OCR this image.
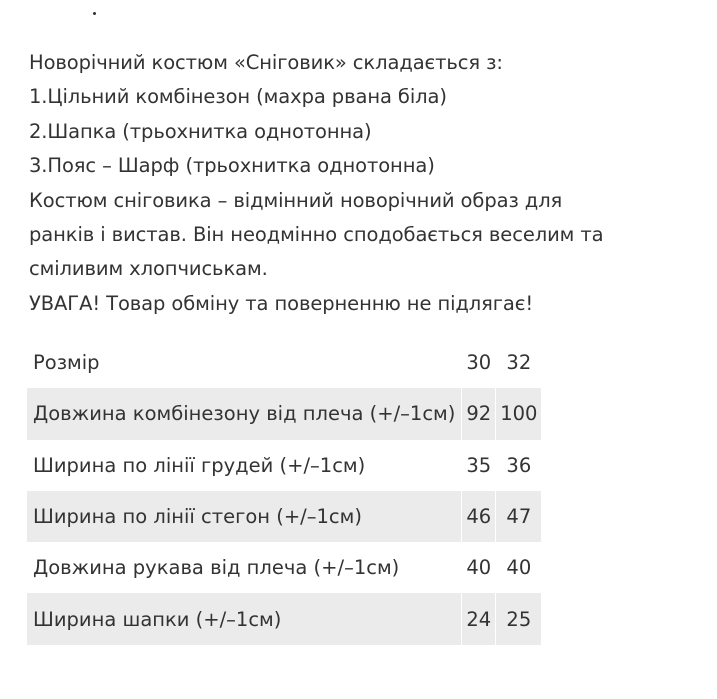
Новорічний костюм «Сніговик» складається з:
1.Цільний комбінезон (махра рвана біла)
2.Шапка (трьохнитка однотонна)
3.Пояс – Шарф (трьохнитка однотонна)
Костюм сніговика – відмінний новорічний образ для
ранків і вистав. Він неодмінно сподобається веселим та
сміливим хлопчиськам.
УВАГА! Товар обміну та поверненню не підлягає!
Розмір	30	32
Довжина комбінезону від плеча (+/–1см)	92	100
Ширина по лінії грудей (+/–1см)	35	36
Ширина по лінії стегон (+/–1см)	46	47
Довжина рукава від плеча (+/–1см)	40	40
Ширина шапки (+/–1см)	24	25
